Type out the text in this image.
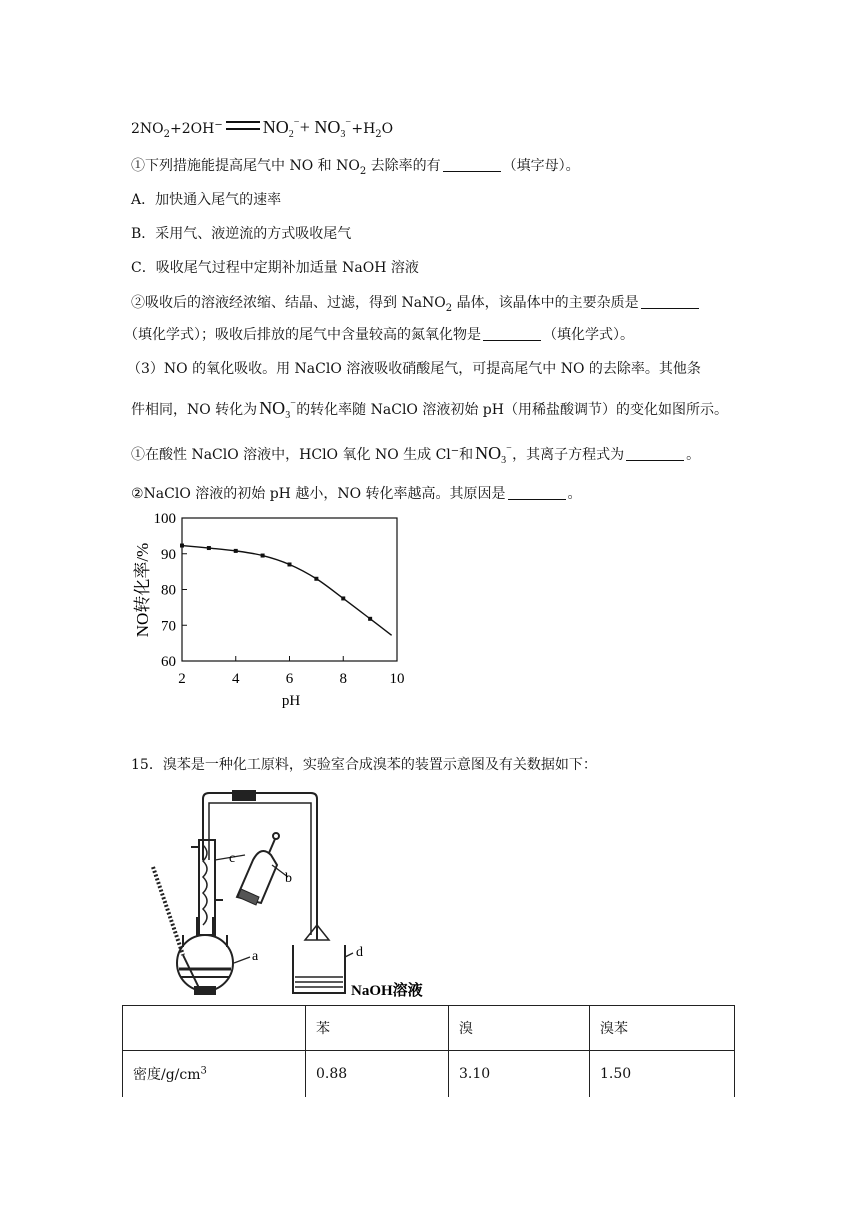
$2NO_2+2OH^-$ $NO_2$
− + $NO_3$
− $+H_2O$
①下列措施能提高尾气中 NO 和 $NO_2$ 去除率的有	（填字母）。
A．加快通入尾气的速率
B．采用气、液逆流的方式吸收尾气
C．吸收尾气过程中定期补加适量 NaOH 溶液
②吸收后的溶液经浓缩、结晶、过滤，得到 NaNO$_2$ 晶体，该晶体中的主要杂质是
（填化学式）；吸收后排放的尾气中含量较高的氮氧化物是	（填化学式）。
（3）NO 的氧化吸收。用 NaClO 溶液吸收硝酸尾气，可提高尾气中 NO 的去除率。其他条
件相同，NO 转化为 $NO_3$
− 的转化率随 NaClO 溶液初始 pH（用稀盐酸调节）的变化如图所示。
①在酸性 NaClO 溶液中，HClO 氧化 NO 生成 Cl−和 $NO_3$
− ，其离子方程式为	。
②NaClO 溶液的初始 pH 越小，NO 转化率越高。其原因是	。
60
70
80
90
100
2	4	6	8	10
NO转化率/%
pH
15．溴苯是一种化工原料，实验室合成溴苯的装置示意图及有关数据如下：
a
b
c
d
NaOH溶液
	苯	溴	溴苯
密度$/g/cm^3$	0.88	3.10	1.50
